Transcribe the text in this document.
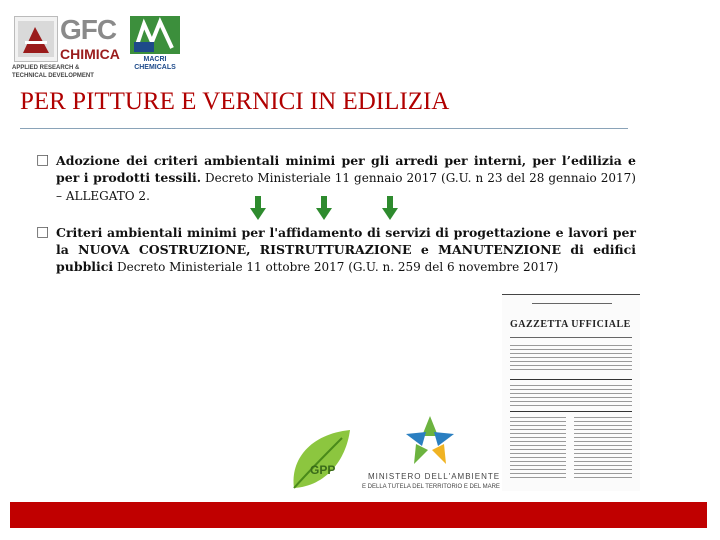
GFC
CHIMICA
APPLIED RESEARCH &
TECHNICAL DEVELOPMENT
MACRI
CHEMICALS
PER PITTURE E VERNICI IN EDILIZIA
□ Adozione dei criteri ambientali minimi per gli arredi per interni, per l’edilizia e per i prodotti tessili. Decreto Ministeriale 11 gennaio 2017 (G.U. n 23 del 28 gennaio 2017) – ALLEGATO 2.
□ Criteri ambientali minimi per l'affidamento di servizi di progettazione e lavori per la NUOVA COSTRUZIONE, RISTRUTTURAZIONE e MANUTENZIONE di edifici pubblici Decreto Ministeriale 11 ottobre 2017 (G.U. n. 259 del 6 novembre 2017)
GAZZETTA UFFICIALE
GPP	MINISTERO DELL'AMBIENTE
E DELLA TUTELA DEL TERRITORIO E DEL MARE
